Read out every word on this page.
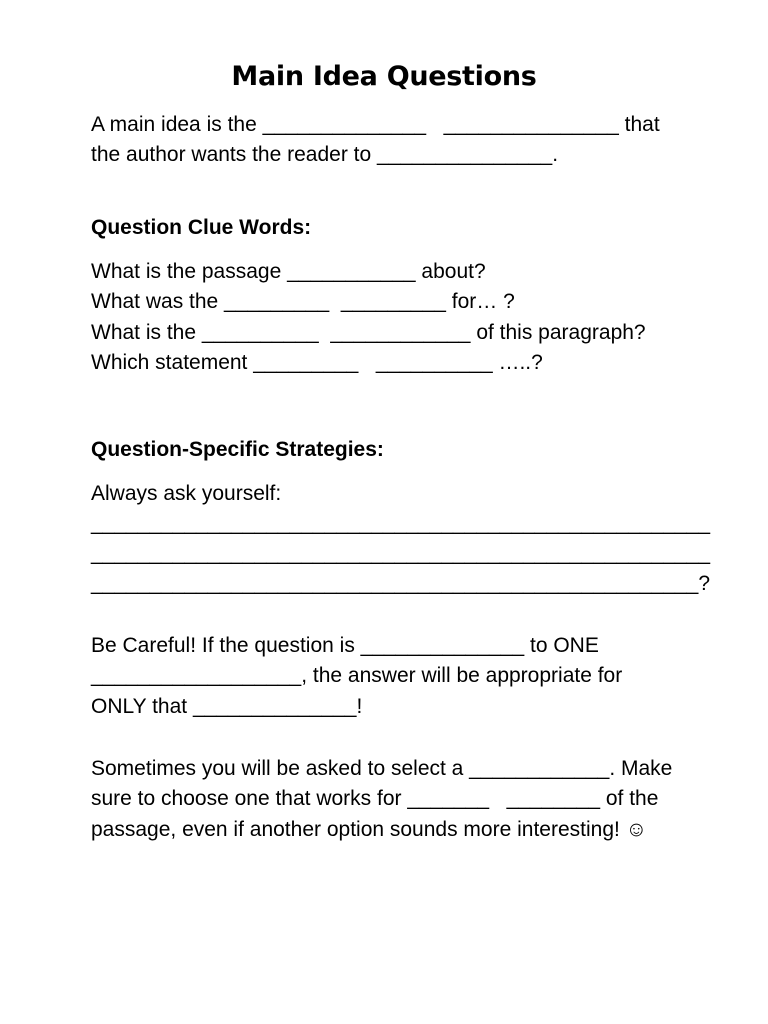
Main Idea Questions
A main idea is the ______________   _______________ that
the author wants the reader to _______________.
Question Clue Words:
What is the passage ___________ about?
What was the _________  _________ for… ?
What is the __________  ____________ of this paragraph?
Which statement _________   __________ …..?
Question-Specific Strategies:
Always ask yourself:
_____________________________________________________
_____________________________________________________
____________________________________________________?
Be Careful! If the question is ______________ to ONE
__________________, the answer will be appropriate for
ONLY that ______________!
Sometimes you will be asked to select a ____________. Make
sure to choose one that works for _______   ________ of the
passage, even if another option sounds more interesting! ☺
